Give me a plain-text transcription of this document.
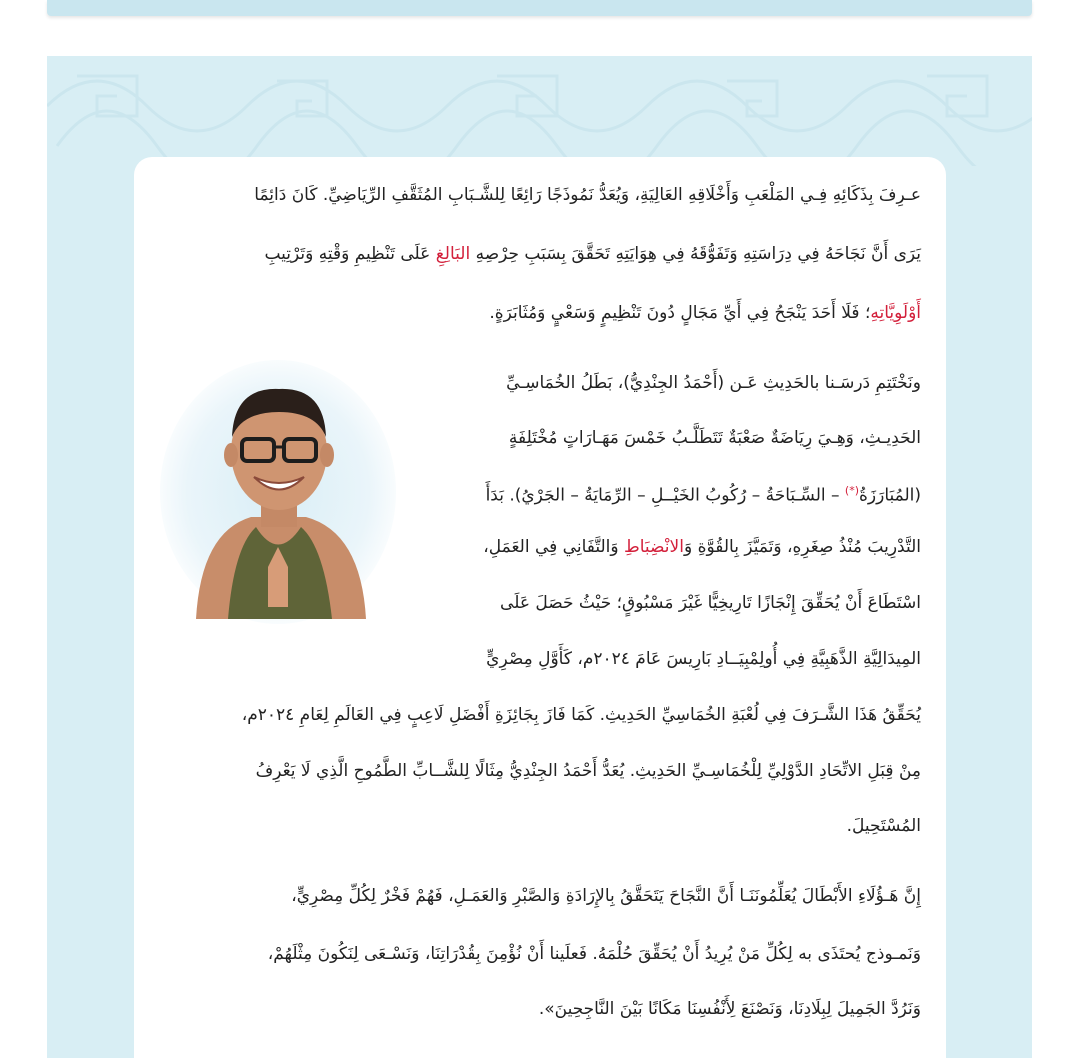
عـرِفَ بِذَكَائِهِ فِـي المَلْعَبِ وَأَخْلَاقِهِ العَالِيَةِ، وَيُعَدُّ نَمُوذَجًا رَائِعًا لِلشَّـبَابِ المُثَقَّفِ الرِّيَاضِيِّ. كَانَ دَائِمًا
يَرَى أَنَّ نَجَاحَهُ فِي دِرَاسَتِهِ وَتَفَوُّقَهُ فِي هِوَايَتِهِ تَحَقَّقَ بِسَبَبِ حِرْصِهِ البَالِغِ عَلَى تَنْظِيمِ وَقْتِهِ وَتَرْتِيبِ
أَوْلَوِيَّاتِهِ؛ فَلَا أَحَدَ يَنْجَحُ فِي أَيِّ مَجَالٍ دُونَ تَنْظِيمٍ وَسَعْيٍ وَمُثَابَرَةٍ.
ونَخْتَتِمِ دَرسَـنا بالحَدِيثِ عَـن (أَحْمَدُ الجِنْدِيُّ)، بَطَلُ الخُمَاسِـيِّ
الحَدِيـثِ، وَهِـيَ رِيَاضَةٌ صَعْبَةٌ تَتَطَلَّـبُ خَمْسَ مَهَـارَاتٍ مُخْتَلِفَةٍ
(المُبَارَزَةُ(*) – السِّـبَاحَةُ – رُكُوبُ الخَيْــلِ – الرِّمَايَةُ – الجَرْيُ). بَدَأَ
التَّدْرِيبَ مُنْذُ صِغَرِهِ، وَتَمَيَّزَ بِالقُوَّةِ وَالانْضِبَاطِ وَالتَّفَانِي فِي العَمَلِ،
اسْتَطَاعَ أَنْ يُحَقِّقَ إِنْجَازًا تَارِيخِيًّا غَيْرَ مَسْبُوقٍ؛ حَيْثُ حَصَلَ عَلَى
المِيدَالِيَّةِ الذَّهَبِيَّةِ فِي أُولِمْبِيَــادِ بَارِيسَ عَامَ ٢٠٢٤م، كَأَوَّلِ مِصْرِيٍّ
يُحَقِّقُ هَذَا الشَّـرَفَ فِي لُعْبَةِ الخُمَاسِيِّ الحَدِيثِ. كَمَا فَازَ بِجَائِزَةِ أَفْضَلِ لَاعِبٍ فِي العَالَمِ لِعَامِ ٢٠٢٤م،
مِنْ قِبَلِ الاتِّحَادِ الدَّوْلِيِّ لِلْخُمَاسِـيِّ الحَدِيثِ. يُعَدُّ أَحْمَدُ الجِنْدِيُّ مِثَالًا لِلشَّــابِّ الطَّمُوحِ الَّذِي لَا يَعْرِفُ
المُسْتَحِيلَ.
إِنَّ هَـؤُلَاءِ الأَبْطَالَ يُعَلِّمُونَنَـا أَنَّ النَّجَاحَ يَتَحَقَّقُ بِالإِرَادَةِ وَالصَّبْرِ وَالعَمَـلِ، فَهُمْ فَخْرٌ لِكُلِّ مِصْرِيٍّ،
وَنَمـوذج يُحتَذَى به لِكُلِّ مَنْ يُرِيدُ أَنْ يُحَقِّقَ حُلْمَهُ. فَعلَينا أَنْ نُؤْمِنَ بِقُدْرَاتِنَا، وَنَسْـعَى لِنَكُونَ مِثْلَهُمْ،
وَنَرُدَّ الجَمِيلَ لِبِلَادِنَا، وَنَصْنَعَ لِأَنْفُسِنَا مَكَانًا بَيْنَ النَّاجِحِينَ».
